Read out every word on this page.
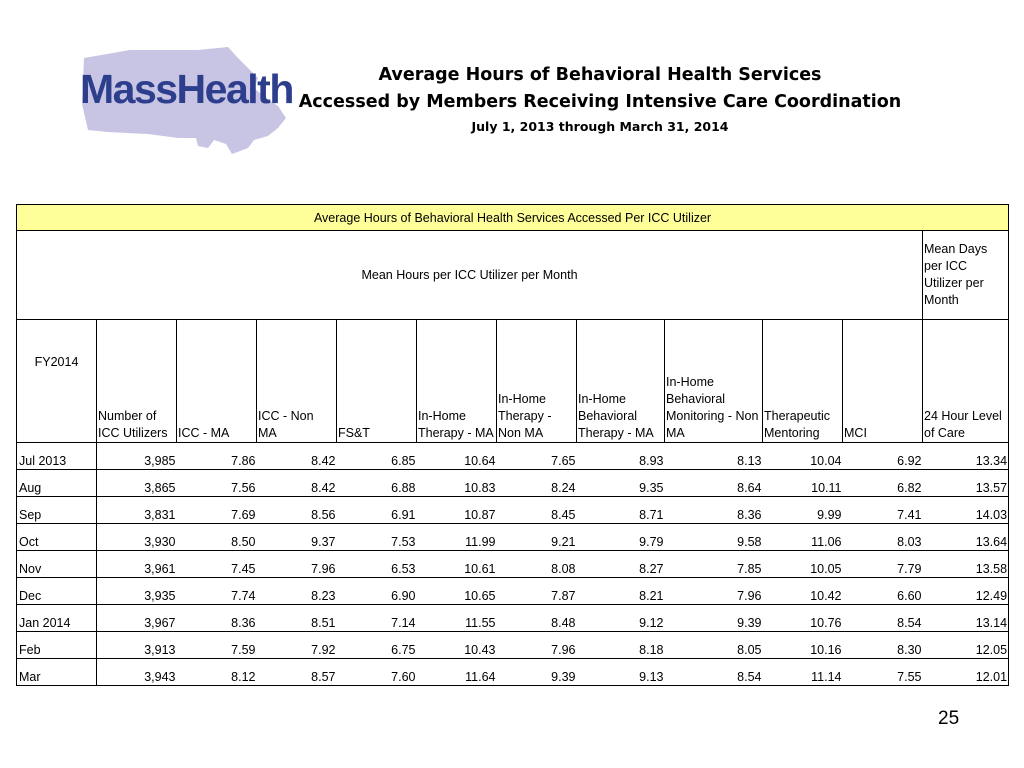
MassHealth	Average Hours of Behavioral Health Services
Accessed by Members Receiving Intensive Care Coordination
July 1, 2013 through March 31, 2014
Average Hours of Behavioral Health Services Accessed Per ICC Utilizer											
Mean Hours per ICC Utilizer per Month											Mean Days per ICC Utilizer per Month
FY2014	Number of ICC Utilizers	ICC - MA	ICC - Non MA	FS&T	In-Home Therapy - MA	In-Home Therapy - Non MA	In-Home Behavioral Therapy - MA	In-Home Behavioral Monitoring - Non MA	Therapeutic Mentoring	MCI	24 Hour Level of Care
Jul 2013	3,985	7.86	8.42	6.85	10.64	7.65	8.93	8.13	10.04	6.92	13.34
Aug	3,865	7.56	8.42	6.88	10.83	8.24	9.35	8.64	10.11	6.82	13.57
Sep	3,831	7.69	8.56	6.91	10.87	8.45	8.71	8.36	9.99	7.41	14.03
Oct	3,930	8.50	9.37	7.53	11.99	9.21	9.79	9.58	11.06	8.03	13.64
Nov	3,961	7.45	7.96	6.53	10.61	8.08	8.27	7.85	10.05	7.79	13.58
Dec	3,935	7.74	8.23	6.90	10.65	7.87	8.21	7.96	10.42	6.60	12.49
Jan 2014	3,967	8.36	8.51	7.14	11.55	8.48	9.12	9.39	10.76	8.54	13.14
Feb	3,913	7.59	7.92	6.75	10.43	7.96	8.18	8.05	10.16	8.30	12.05
Mar	3,943	8.12	8.57	7.60	11.64	9.39	9.13	8.54	11.14	7.55	12.01
25
